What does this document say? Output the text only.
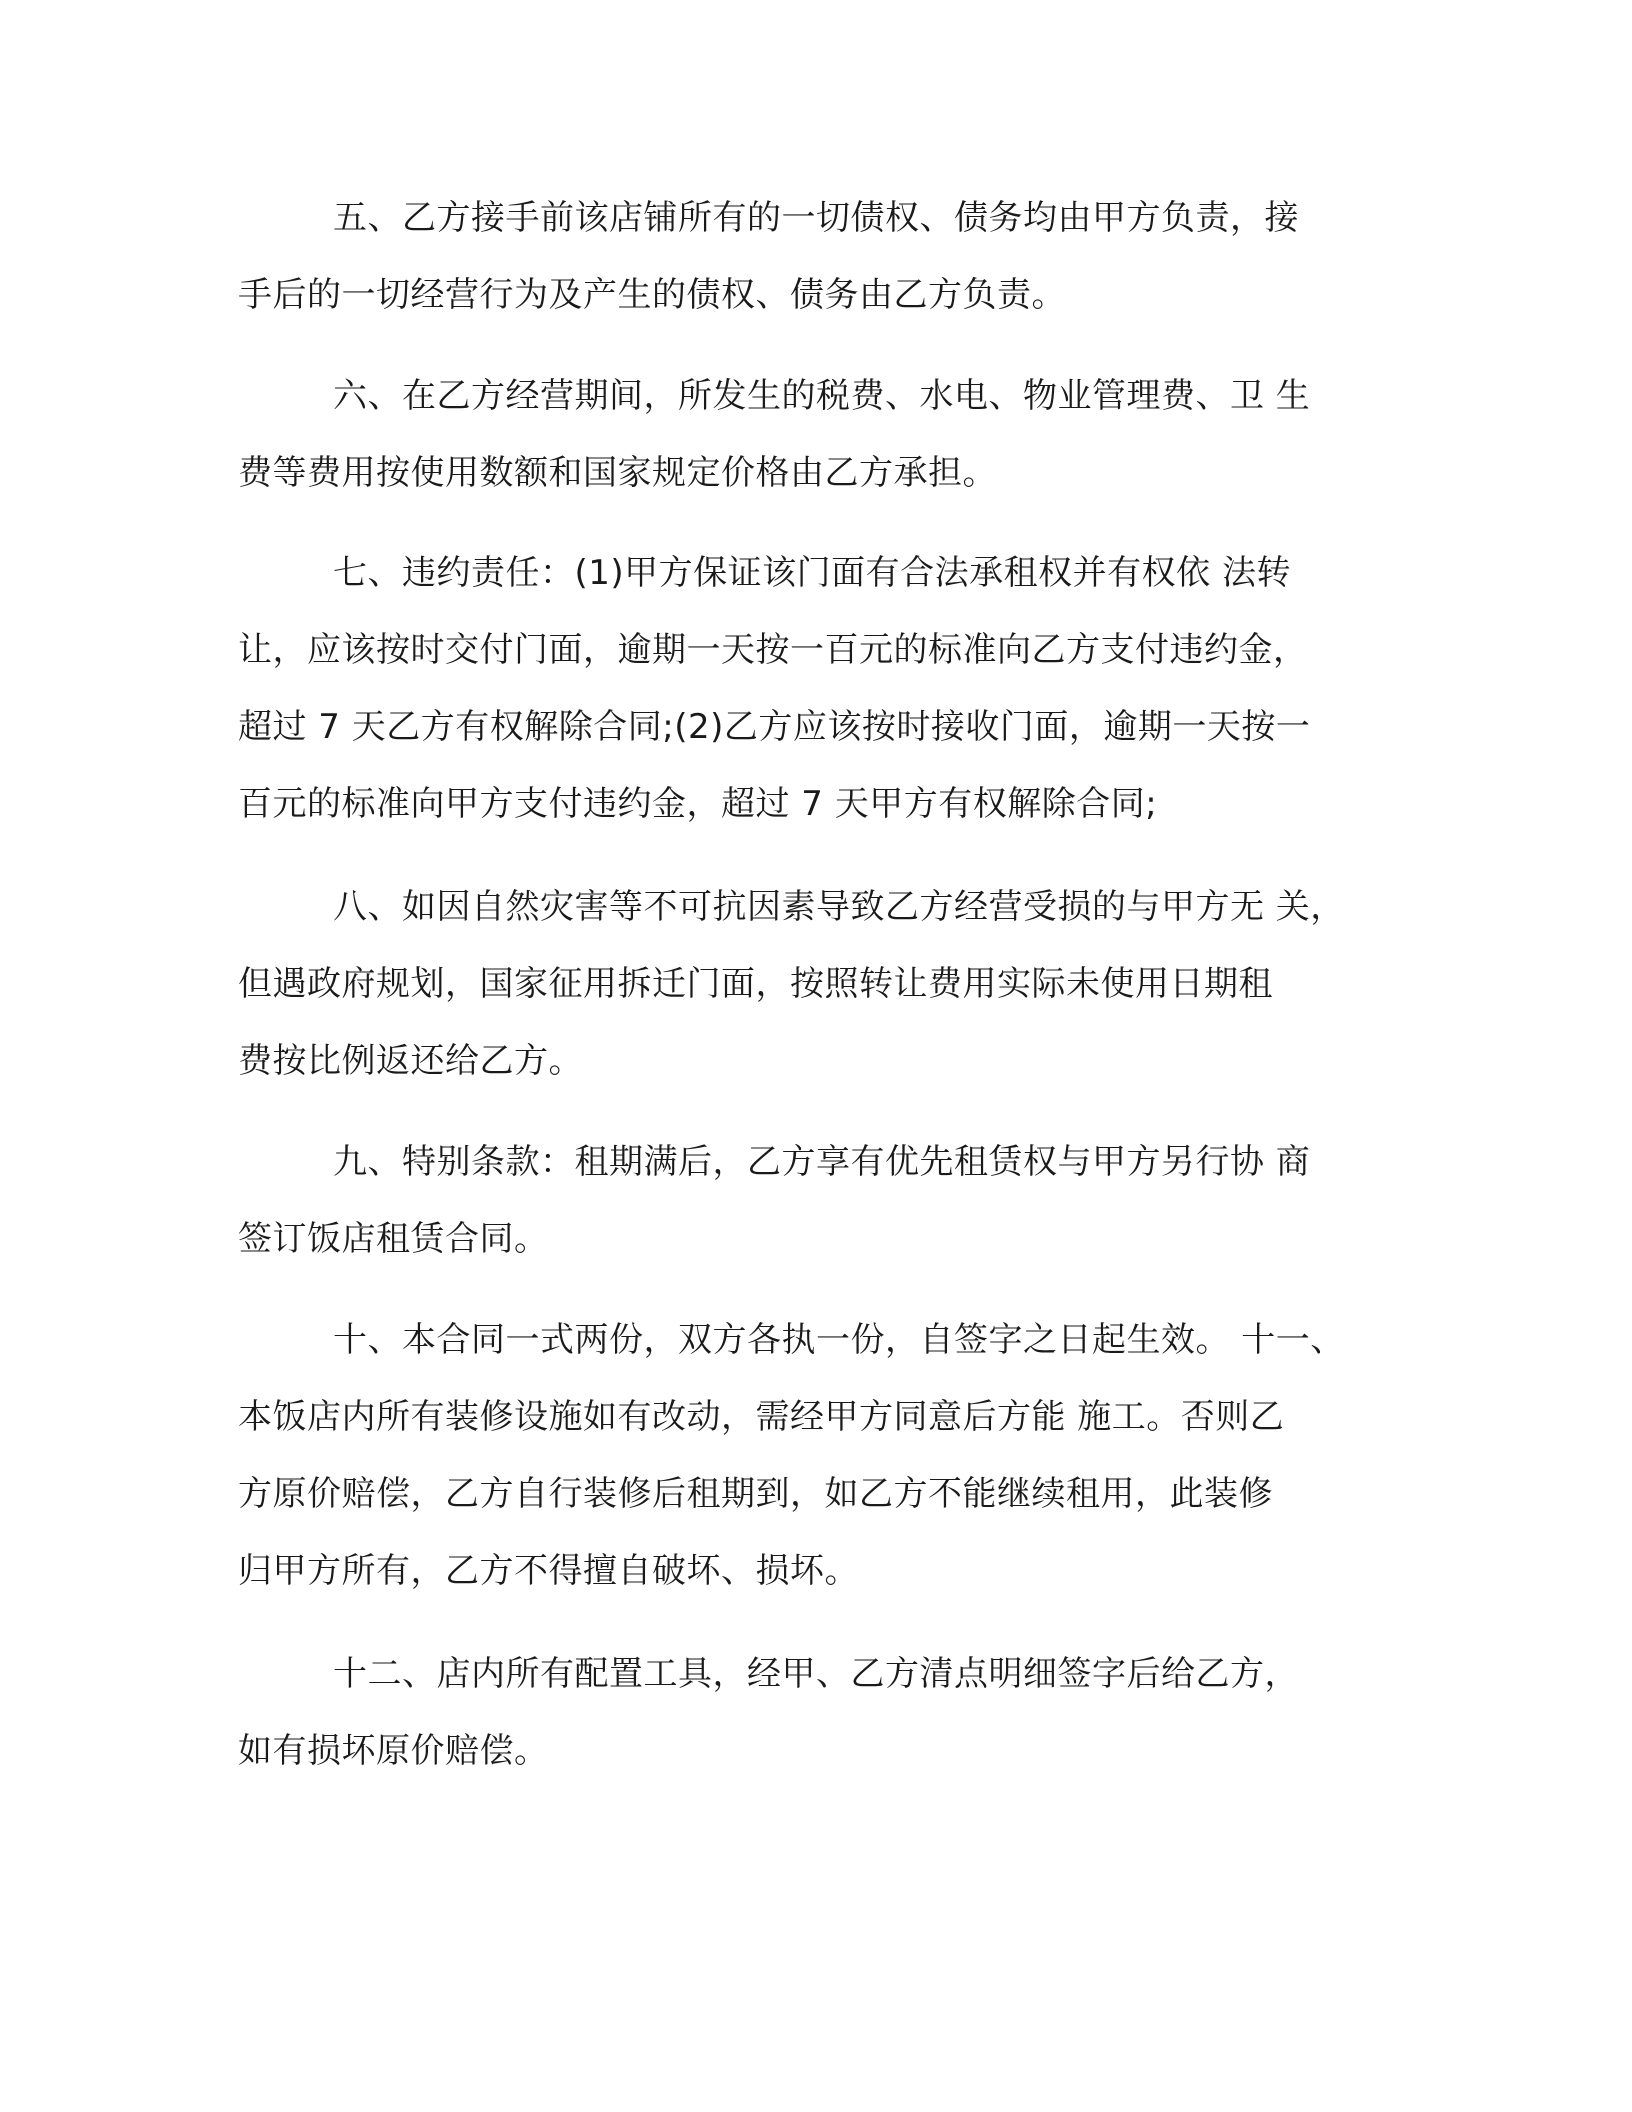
五、乙方接手前该店铺所有的一切债权、债务均由甲方负责，接
手后的一切经营行为及产生的债权、债务由乙方负责。
六、在乙方经营期间，所发生的税费、水电、物业管理费、卫 生
费等费用按使用数额和国家规定价格由乙方承担。
七、违约责任：(1)甲方保证该门面有合法承租权并有权依 法转
让，应该按时交付门面，逾期一天按一百元的标准向乙方支付违约金，
超过 7 天乙方有权解除合同;(2)乙方应该按时接收门面，逾期一天按一
百元的标准向甲方支付违约金，超过 7 天甲方有权解除合同;
八、如因自然灾害等不可抗因素导致乙方经营受损的与甲方无 关，
但遇政府规划，国家征用拆迁门面，按照转让费用实际未使用日期租
费按比例返还给乙方。
九、特别条款：租期满后，乙方享有优先租赁权与甲方另行协 商
签订饭店租赁合同。
十、本合同一式两份，双方各执一份，自签字之日起生效。 十一、
本饭店内所有装修设施如有改动，需经甲方同意后方能 施工。否则乙
方原价赔偿，乙方自行装修后租期到，如乙方不能继续租用，此装修
归甲方所有，乙方不得擅自破坏、损坏。
十二、店内所有配置工具，经甲、乙方清点明细签字后给乙方，
如有损坏原价赔偿。
